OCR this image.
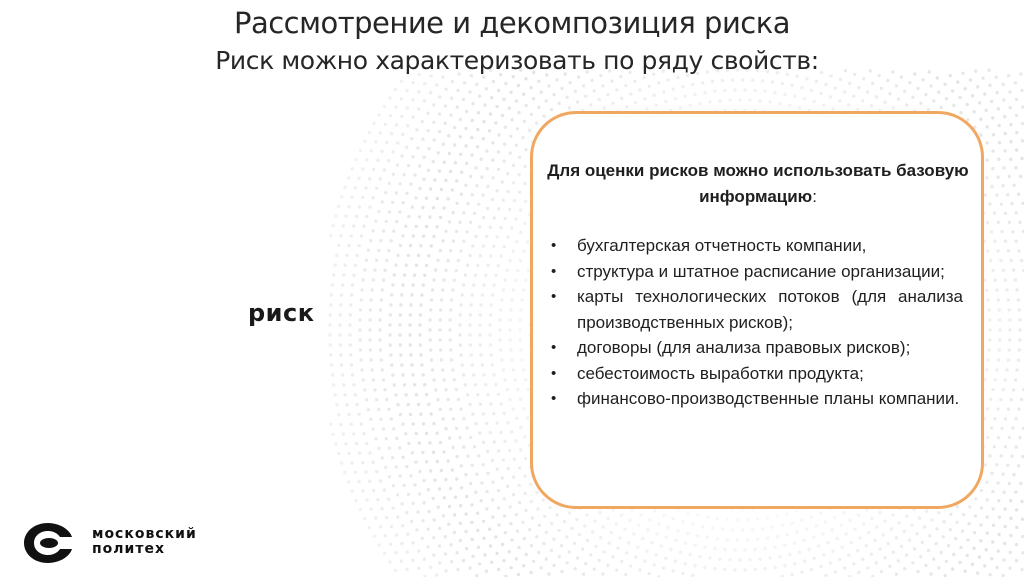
Рассмотрение и декомпозиция риска
Риск можно характеризовать по ряду свойств:
риск
Для оценки рисков можно использовать базовую информацию:
• бухгалтерская отчетность компании,
• структура и штатное расписание организации;
• карты технологических потоков (для анализа производственных рисков);
• договоры (для анализа правовых рисков);
• себестоимость выработки продукта;
• финансово-производственные планы компании.
московский
политех
